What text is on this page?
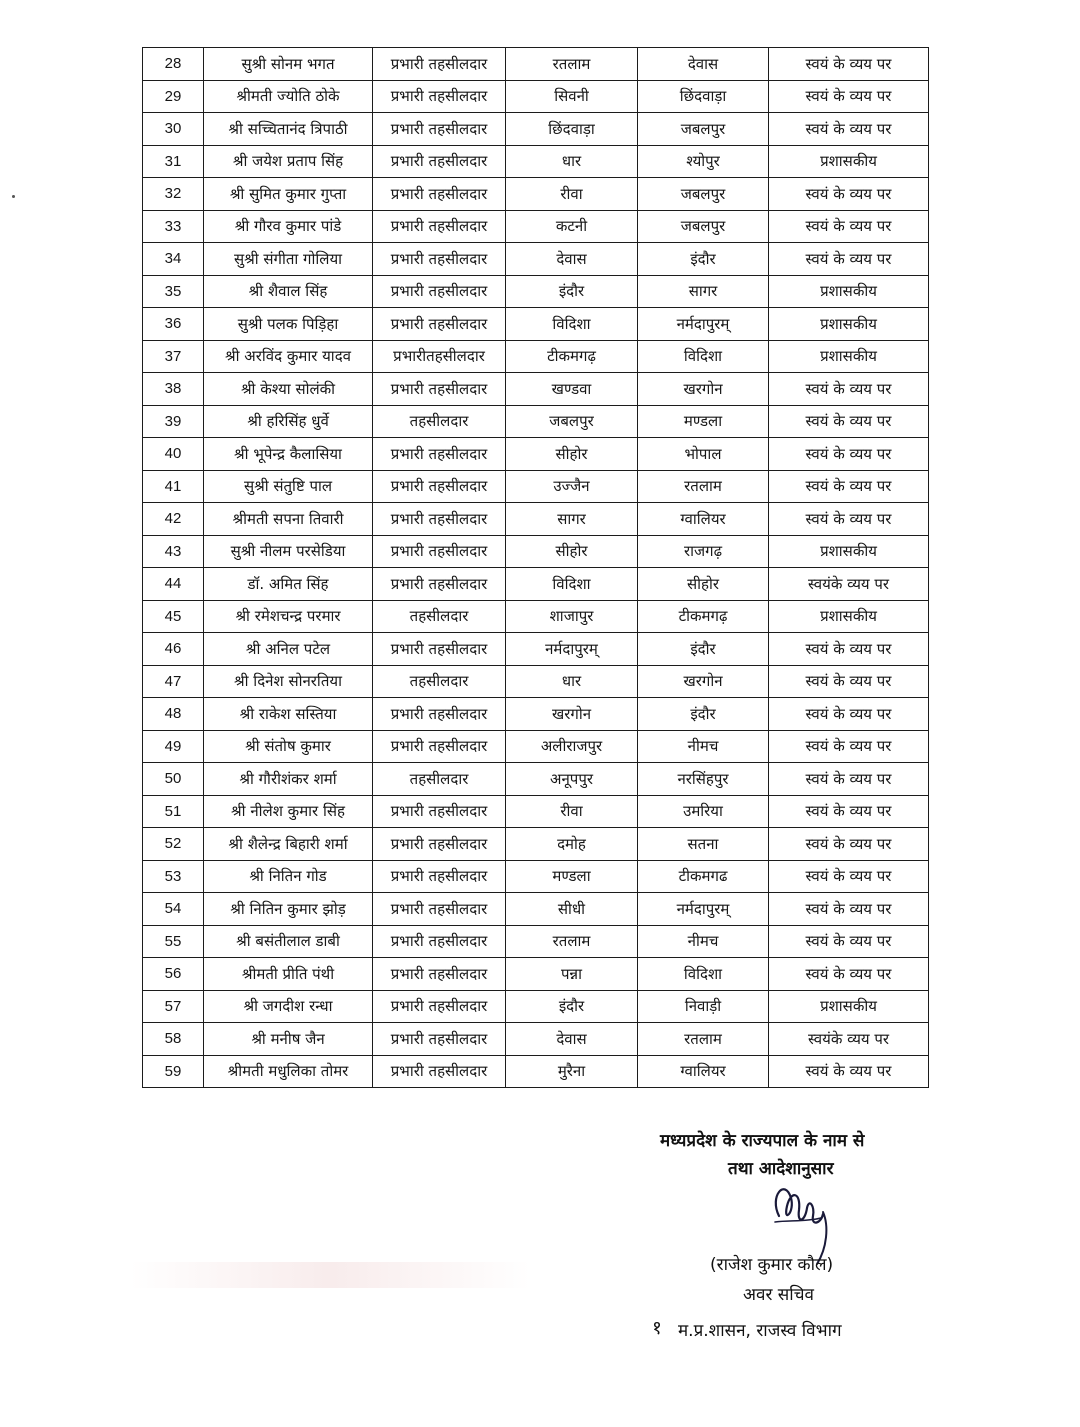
28	सुश्री सोनम भगत	प्रभारी तहसीलदार	रतलाम	देवास	स्वयं के व्यय पर
29	श्रीमती ज्योति ठोके	प्रभारी तहसीलदार	सिवनी	छिंदवाड़ा	स्वयं के व्यय पर
30	श्री सच्चितानंद त्रिपाठी	प्रभारी तहसीलदार	छिंदवाड़ा	जबलपुर	स्वयं के व्यय पर
31	श्री जयेश प्रताप सिंह	प्रभारी तहसीलदार	धार	श्योपुर	प्रशासकीय
32	श्री सुमित कुमार गुप्ता	प्रभारी तहसीलदार	रीवा	जबलपुर	स्वयं के व्यय पर
33	श्री गौरव कुमार पांडे	प्रभारी तहसीलदार	कटनी	जबलपुर	स्वयं के व्यय पर
34	सुश्री संगीता गोलिया	प्रभारी तहसीलदार	देवास	इंदौर	स्वयं के व्यय पर
35	श्री शैवाल सिंह	प्रभारी तहसीलदार	इंदौर	सागर	प्रशासकीय
36	सुश्री पलक पिड़िहा	प्रभारी तहसीलदार	विदिशा	नर्मदापुरम्	प्रशासकीय
37	श्री अरविंद कुमार यादव	प्रभारीतहसीलदार	टीकमगढ़	विदिशा	प्रशासकीय
38	श्री केश्या सोलंकी	प्रभारी तहसीलदार	खण्डवा	खरगोन	स्वयं के व्यय पर
39	श्री हरिसिंह धुर्वे	तहसीलदार	जबलपुर	मण्डला	स्वयं के व्यय पर
40	श्री भूपेन्द्र कैलासिया	प्रभारी तहसीलदार	सीहोर	भोपाल	स्वयं के व्यय पर
41	सुश्री संतुष्टि पाल	प्रभारी तहसीलदार	उज्जैन	रतलाम	स्वयं के व्यय पर
42	श्रीमती सपना तिवारी	प्रभारी तहसीलदार	सागर	ग्वालियर	स्वयं के व्यय पर
43	सुश्री नीलम परसेडिया	प्रभारी तहसीलदार	सीहोर	राजगढ़	प्रशासकीय
44	डॉ. अमित सिंह	प्रभारी तहसीलदार	विदिशा	सीहोर	स्वयंके व्यय पर
45	श्री रमेशचन्द्र परमार	तहसीलदार	शाजापुर	टीकमगढ़	प्रशासकीय
46	श्री अनिल पटेल	प्रभारी तहसीलदार	नर्मदापुरम्	इंदौर	स्वयं के व्यय पर
47	श्री दिनेश सोनरतिया	तहसीलदार	धार	खरगोन	स्वयं के व्यय पर
48	श्री राकेश सस्तिया	प्रभारी तहसीलदार	खरगोन	इंदौर	स्वयं के व्यय पर
49	श्री संतोष कुमार	प्रभारी तहसीलदार	अलीराजपुर	नीमच	स्वयं के व्यय पर
50	श्री गौरीशंकर शर्मा	तहसीलदार	अनूपपुर	नरसिंहपुर	स्वयं के व्यय पर
51	श्री नीलेश कुमार सिंह	प्रभारी तहसीलदार	रीवा	उमरिया	स्वयं के व्यय पर
52	श्री शैलेन्द्र बिहारी शर्मा	प्रभारी तहसीलदार	दमोह	सतना	स्वयं के व्यय पर
53	श्री नितिन गोड	प्रभारी तहसीलदार	मण्डला	टीकमगढ	स्वयं के व्यय पर
54	श्री नितिन कुमार झोड़	प्रभारी तहसीलदार	सीधी	नर्मदापुरम्	स्वयं के व्यय पर
55	श्री बसंतीलाल डाबी	प्रभारी तहसीलदार	रतलाम	नीमच	स्वयं के व्यय पर
56	श्रीमती प्रीति पंथी	प्रभारी तहसीलदार	पन्ना	विदिशा	स्वयं के व्यय पर
57	श्री जगदीश रन्धा	प्रभारी तहसीलदार	इंदौर	निवाड़ी	प्रशासकीय
58	श्री मनीष जैन	प्रभारी तहसीलदार	देवास	रतलाम	स्वयंके व्यय पर
59	श्रीमती मधुलिका तोमर	प्रभारी तहसीलदार	मुरैना	ग्वालियर	स्वयं के व्यय पर
मध्यप्रदेश के राज्यपाल के नाम से
तथा आदेशानुसार
(राजेश कुमार कौल)
अवर सचिव
१ म.प्र.शासन, राजस्व विभाग
